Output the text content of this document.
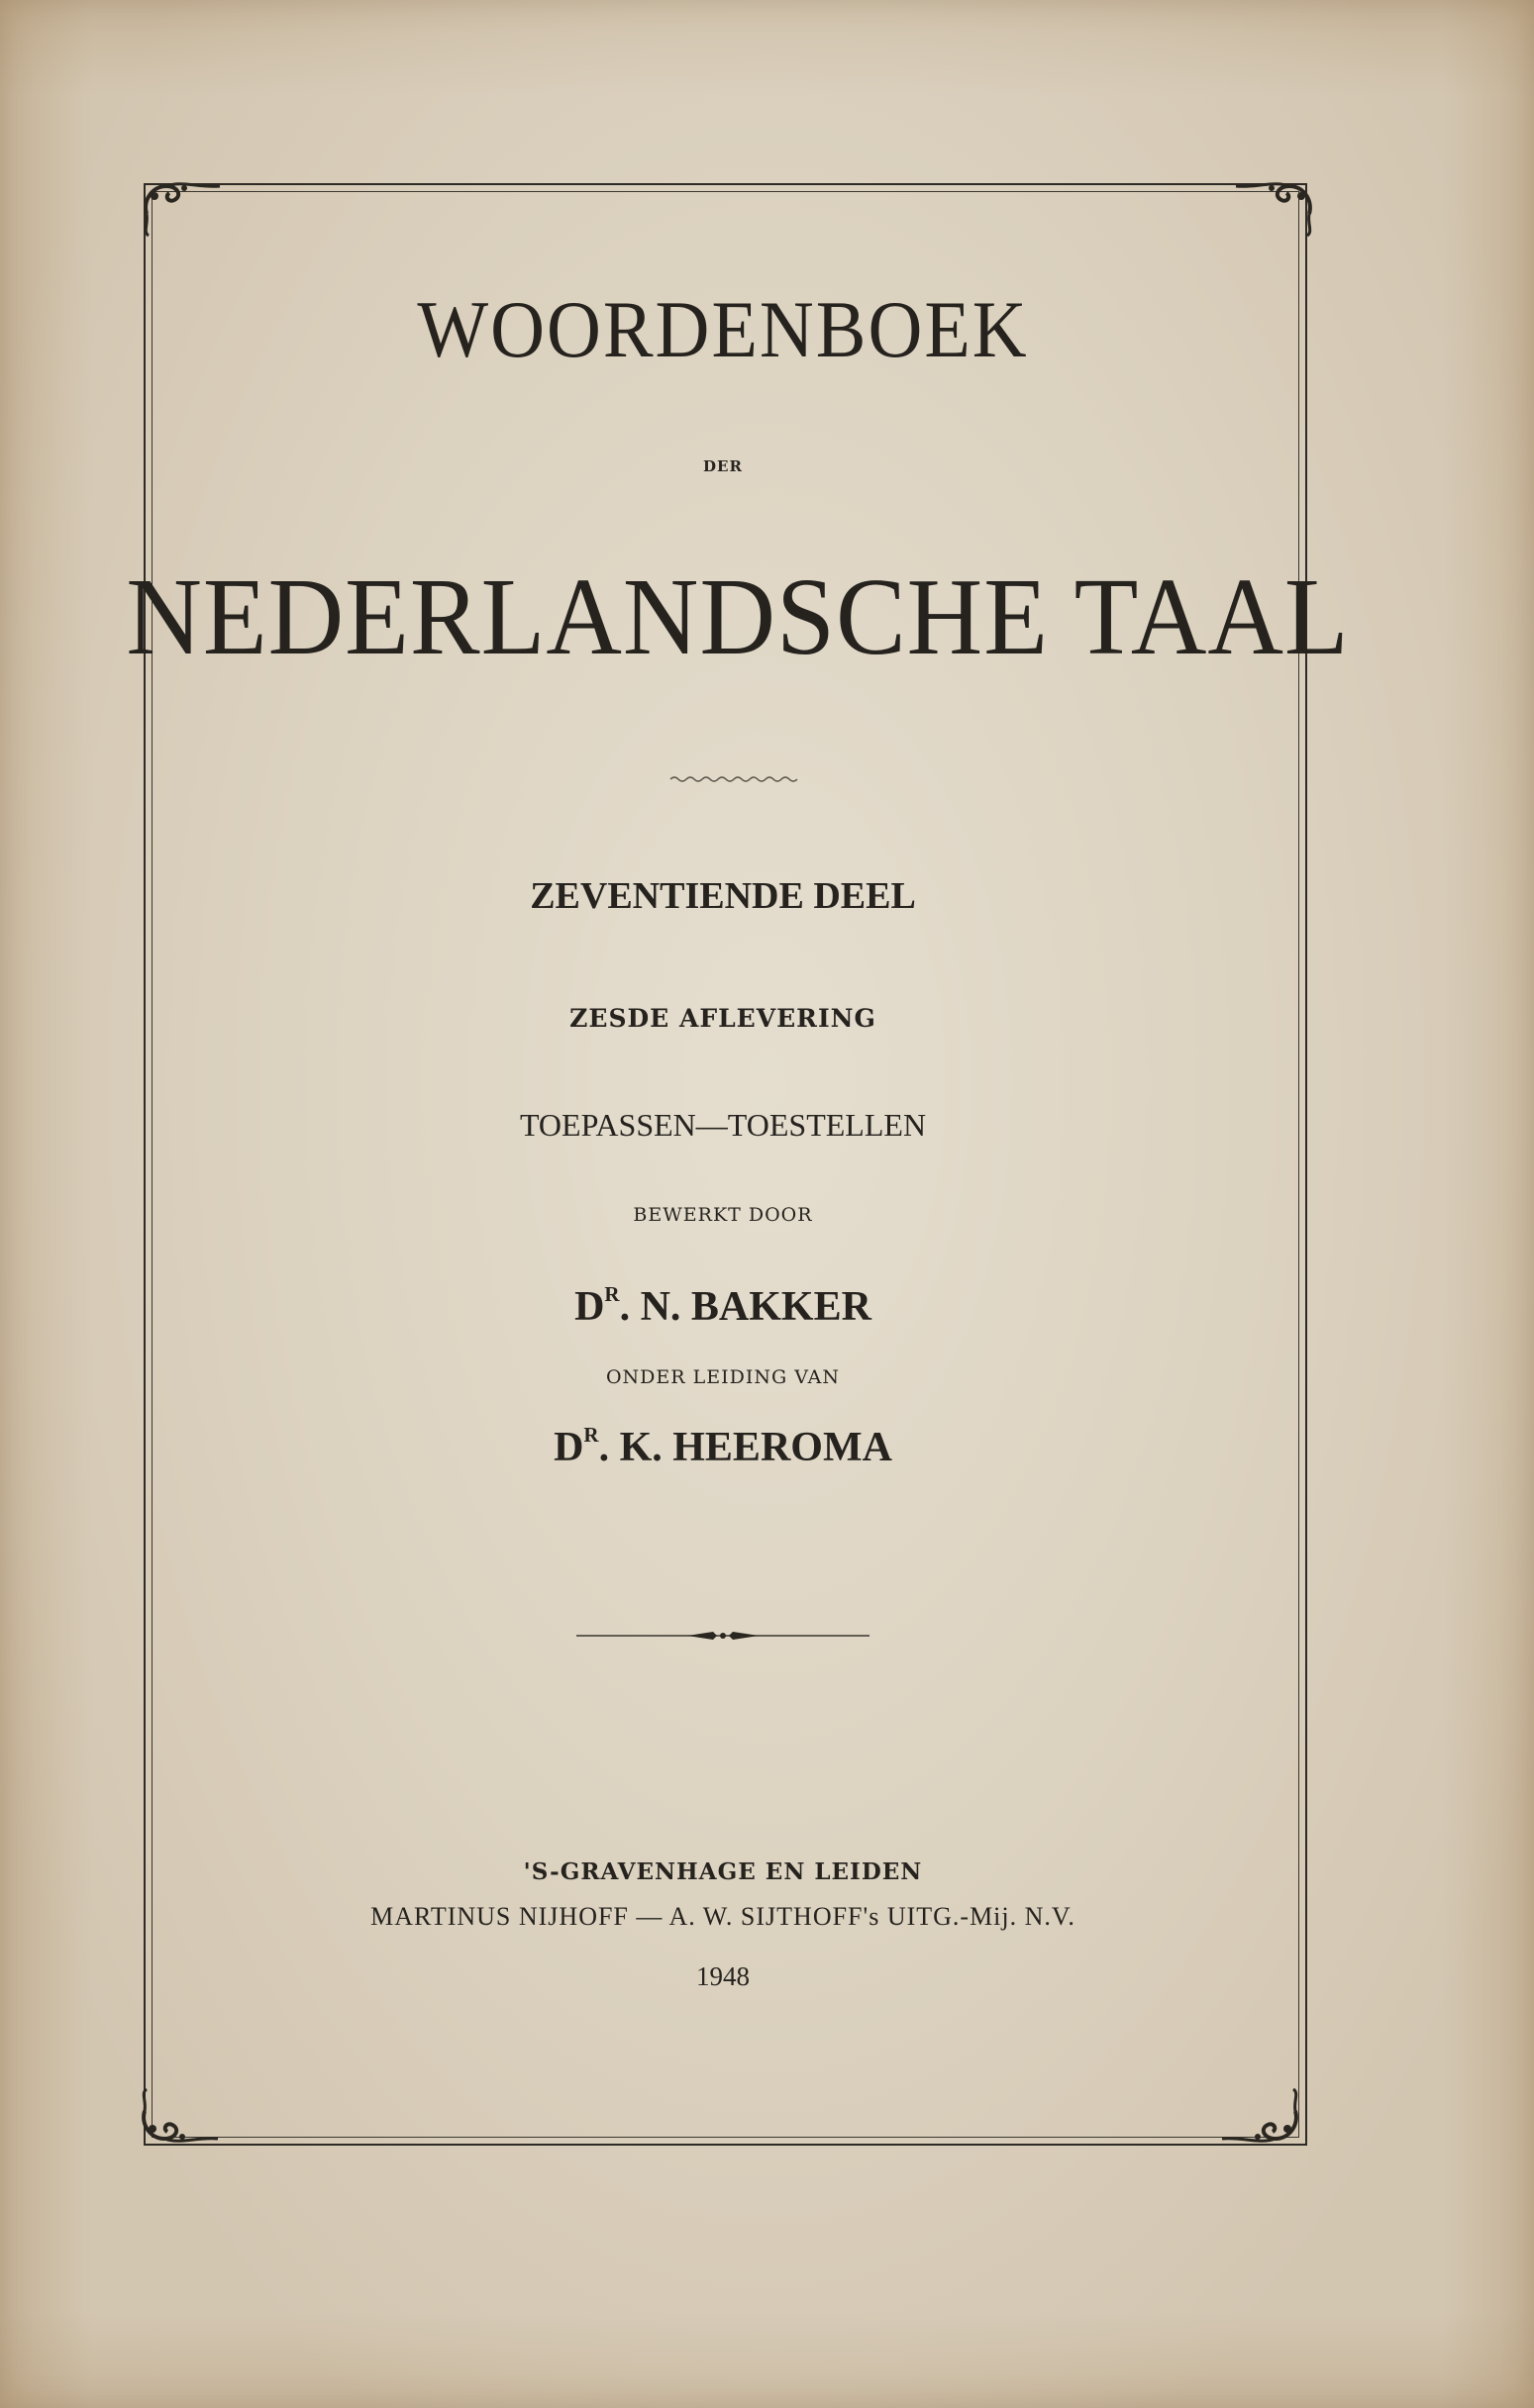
WOORDENBOEK
DER
NEDERLANDSCHE TAAL
ZEVENTIENDE DEEL
ZESDE AFLEVERING
TOEPASSEN—TOESTELLEN
BEWERKT DOOR
$D^R$. N. BAKKER
ONDER LEIDING VAN
$D^R$. K. HEEROMA
'S-GRAVENHAGE EN LEIDEN
MARTINUS NIJHOFF — A. W. SIJTHOFF's UITG.-Mij. N.V.
1948
